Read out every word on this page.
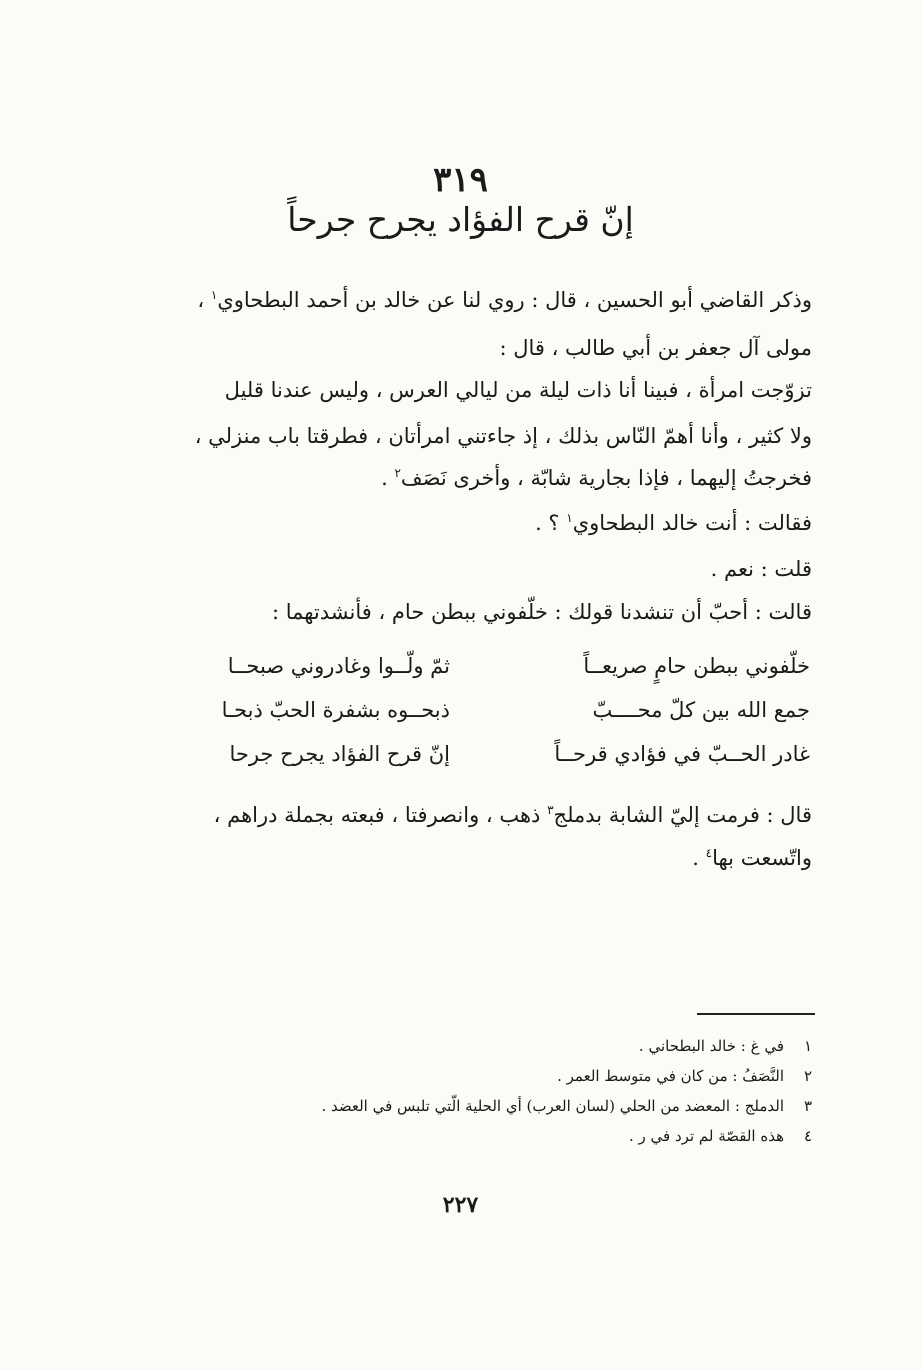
٣١٩
إنّ قرح الفؤاد يجرح جرحاً

وذكر القاضي أبو الحسين ، قال : روي لنا عن خالد بن أحمد البطحاوي$^١$ ،

مولى آل جعفر بن أبي طالب ، قال :

تزوّجت امرأة ، فبينا أنا ذات ليلة من ليالي العرس ، وليس عندنا قليل

ولا كثير ، وأنا أهمّ النّاس بذلك ، إذ جاءتني امرأتان ، فطرقتا باب منزلي ،

فخرجتُ إليهما ، فإذا بجارية شابّة ، وأخرى نَصَف$^٢$ .

فقالت : أنت خالد البطحاوي$^١$ ؟ .

قلت : نعم .

قالت : أحبّ أن تنشدنا قولك : خلّفوني ببطن حام ، فأنشدتهما :

خلّفوني ببطن حامٍ صريعــاً
ثمّ ولّــوا وغادروني صبحــا
جمع الله بين كلّ محــــبّ
ذبحــوه بشفرة الحبّ ذبحـا
غادر الحــبّ في فؤادي قرحــاً
إنّ قرح الفؤاد يجرح جرحا

قال : فرمت إليّ الشابة بدملج$^٣$ ذهب ، وانصرفتا ، فبعته بجملة دراهم ،

واتّسعت بها$^٤$ .

١في غ : خالد البطحاني .
٢النَّصَفُ : من كان في متوسط العمر .
٣الدملج : المعضد من الحلي (لسان العرب) أي الحلية الّتي تلبس في العضد .
٤هذه القصّة لم ترد في ر .

٢٢٧
